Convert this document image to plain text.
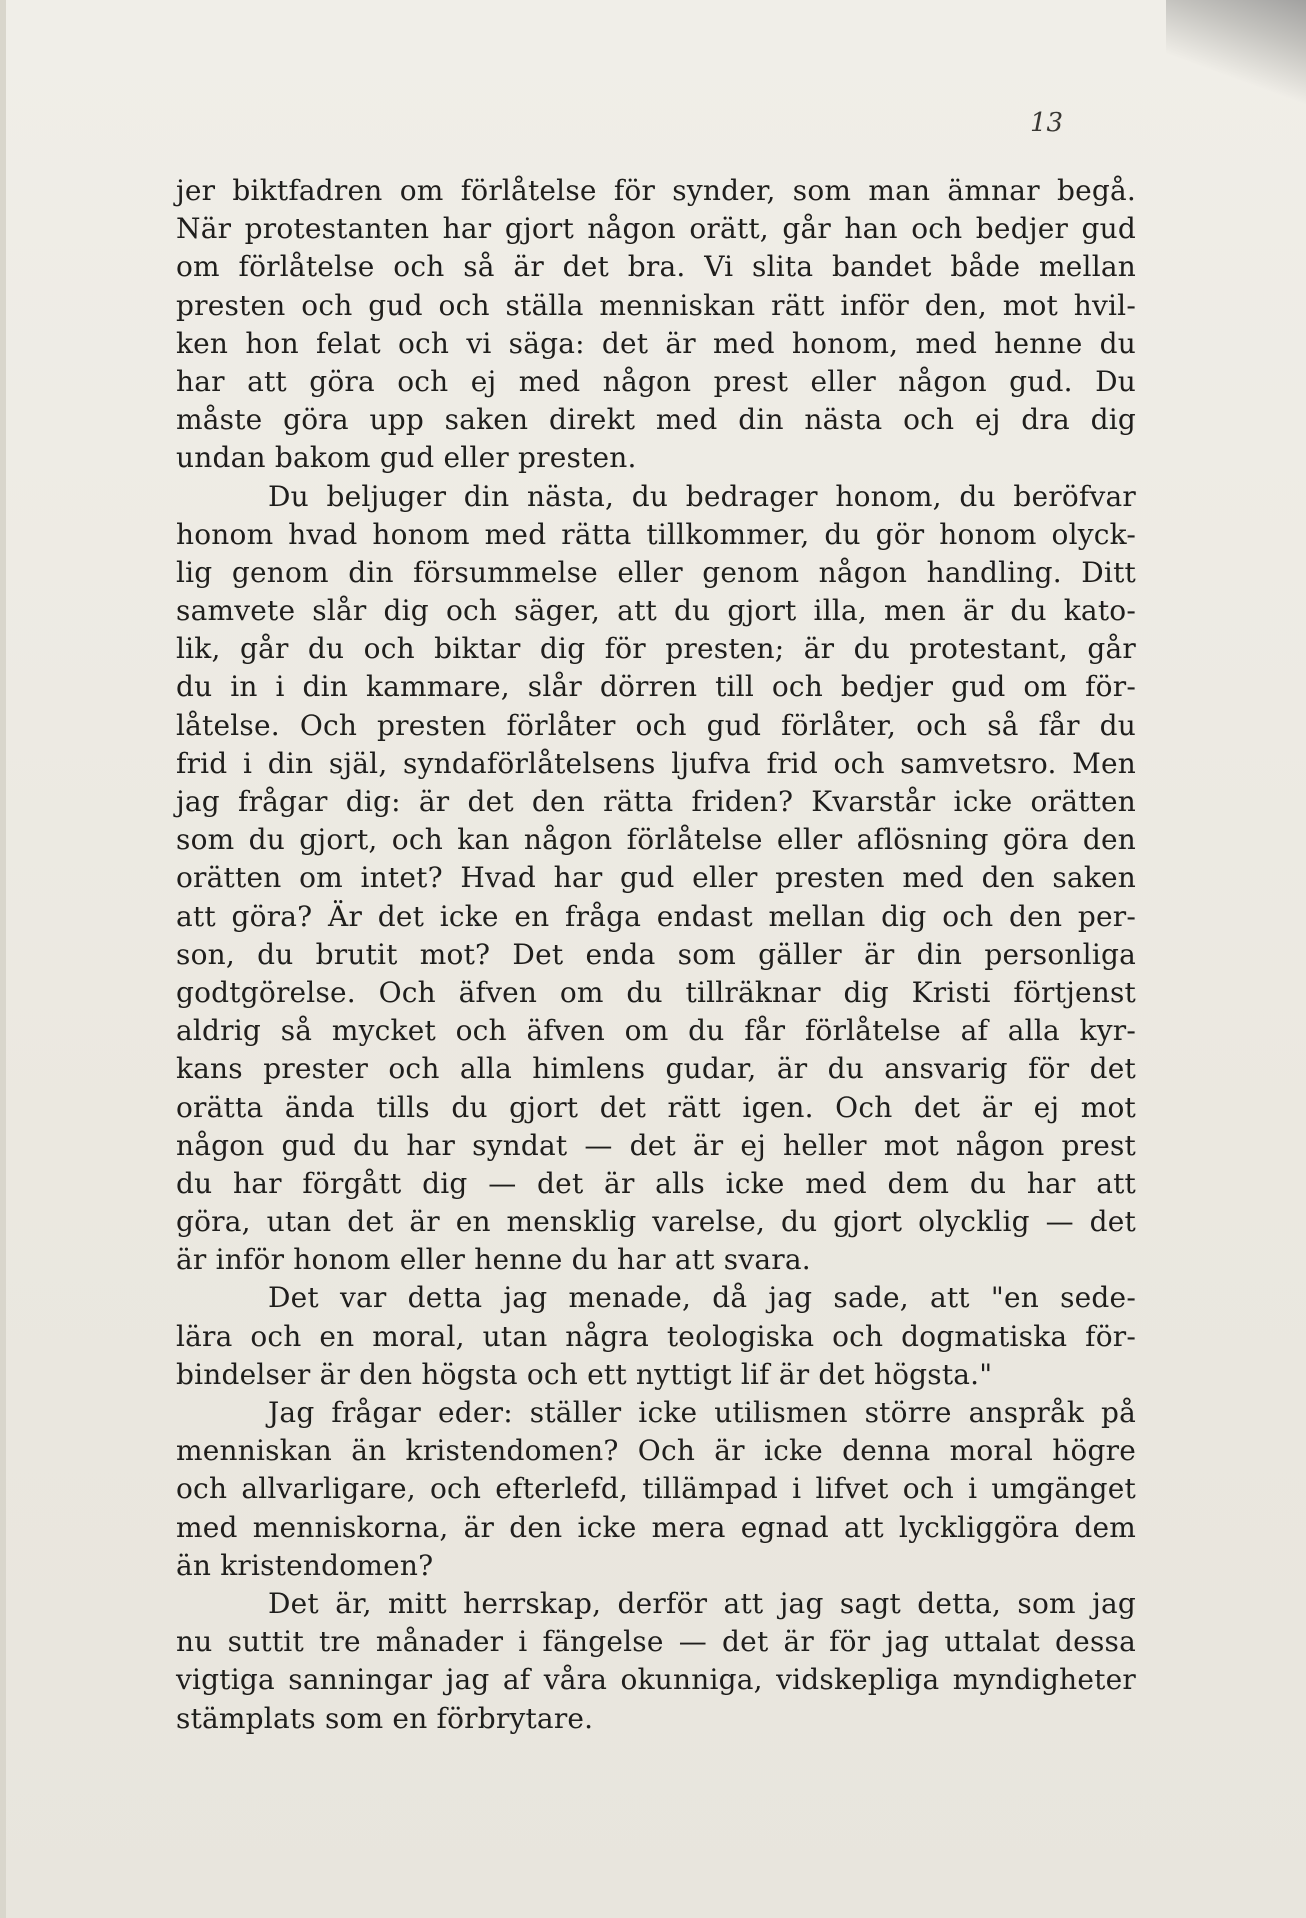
13
jer biktfadren om förlåtelse för synder, som man ämnar begå.
När protestanten har gjort någon orätt, går han och bedjer gud
om förlåtelse och så är det bra. Vi slita bandet både mellan
presten och gud och ställa menniskan rätt inför den, mot hvil-
ken hon felat och vi säga: det är med honom, med henne du
har att göra och ej med någon prest eller någon gud. Du
måste göra upp saken direkt med din nästa och ej dra dig
undan bakom gud eller presten.
Du beljuger din nästa, du bedrager honom, du beröfvar
honom hvad honom med rätta tillkommer, du gör honom olyck-
lig genom din försummelse eller genom någon handling. Ditt
samvete slår dig och säger, att du gjort illa, men är du kato-
lik, går du och biktar dig för presten; är du protestant, går
du in i din kammare, slår dörren till och bedjer gud om för-
låtelse. Och presten förlåter och gud förlåter, och så får du
frid i din själ, syndaförlåtelsens ljufva frid och samvetsro. Men
jag frågar dig: är det den rätta friden? Kvarstår icke orätten
som du gjort, och kan någon förlåtelse eller aflösning göra den
orätten om intet? Hvad har gud eller presten med den saken
att göra? Är det icke en fråga endast mellan dig och den per-
son, du brutit mot? Det enda som gäller är din personliga
godtgörelse. Och äfven om du tillräknar dig Kristi förtjenst
aldrig så mycket och äfven om du får förlåtelse af alla kyr-
kans prester och alla himlens gudar, är du ansvarig för det
orätta ända tills du gjort det rätt igen. Och det är ej mot
någon gud du har syndat — det är ej heller mot någon prest
du har förgått dig — det är alls icke med dem du har att
göra, utan det är en mensklig varelse, du gjort olycklig — det
är inför honom eller henne du har att svara.
Det var detta jag menade, då jag sade, att "en sede-
lära och en moral, utan några teologiska och dogmatiska för-
bindelser är den högsta och ett nyttigt lif är det högsta."
Jag frågar eder: ställer icke utilismen större anspråk på
menniskan än kristendomen? Och är icke denna moral högre
och allvarligare, och efterlefd, tillämpad i lifvet och i umgänget
med menniskorna, är den icke mera egnad att lyckliggöra dem
än kristendomen?
Det är, mitt herrskap, derför att jag sagt detta, som jag
nu suttit tre månader i fängelse — det är för jag uttalat dessa
vigtiga sanningar jag af våra okunniga, vidskepliga myndigheter
stämplats som en förbrytare.
